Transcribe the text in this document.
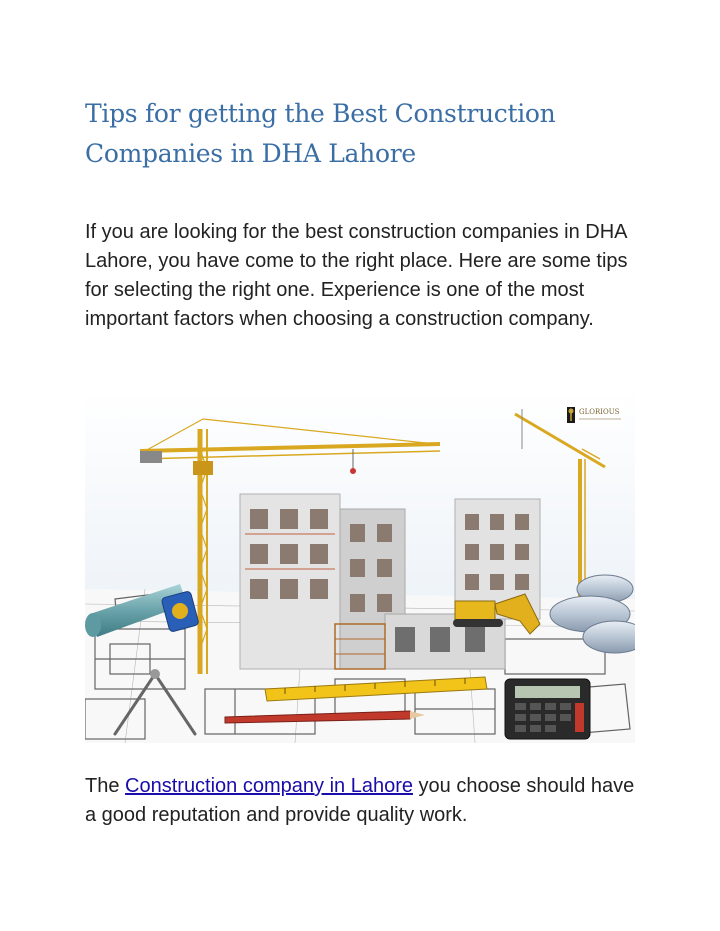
Tips for getting the Best Construction Companies in DHA Lahore

If you are looking for the best construction companies in DHA Lahore, you have come to the right place. Here are some tips for selecting the right one. Experience is one of the most important factors when choosing a construction company.

GLORIOUS

The Construction company in Lahore you choose should have a good reputation and provide quality work.
